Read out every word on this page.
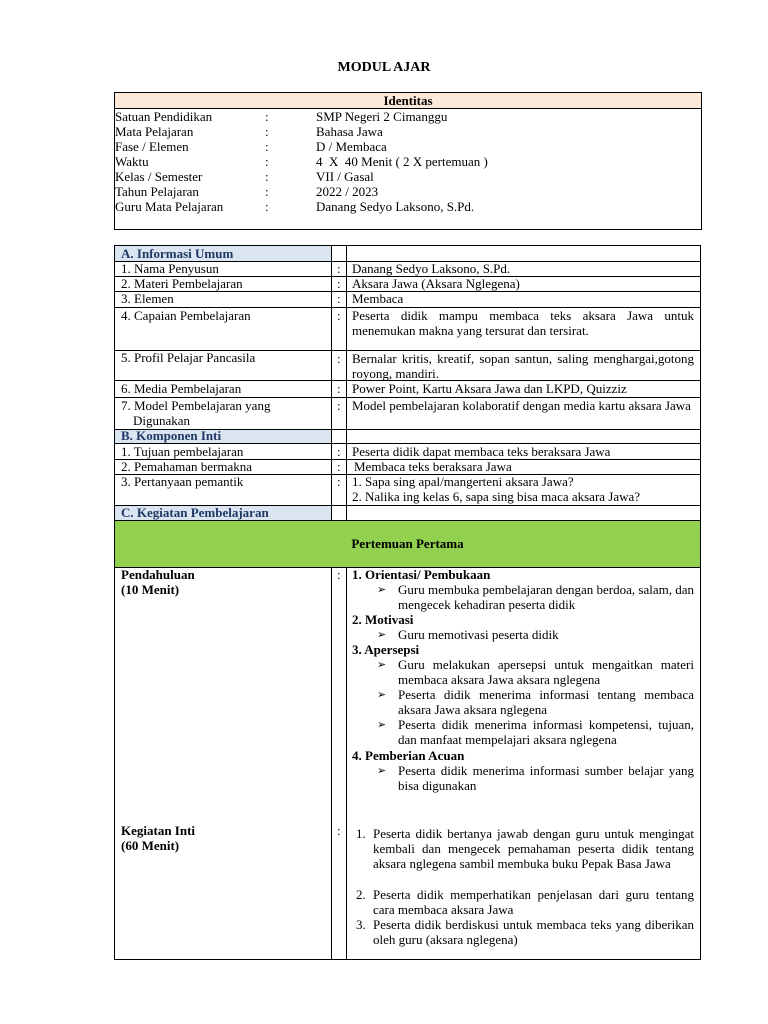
MODUL AJAR
Identitas
Satuan Pendidikan	:	SMP Negeri 2 Cimanggu
Mata Pelajaran	:	Bahasa Jawa
Fase / Elemen	:	D / Membaca
Waktu	:	4  X  40 Menit ( 2 X pertemuan )
Kelas / Semester	:	VII / Gasal
Tahun Pelajaran	:	2022 / 2023
Guru Mata Pelajaran	:	Danang Sedyo Laksono, S.Pd.
A. Informasi Umum
1. Nama Penyusun	: Danang Sedyo Laksono, S.Pd.
2. Materi Pembelajaran	: Aksara Jawa (Aksara Nglegena)
3. Elemen	: Membaca
4. Capaian Pembelajaran	: Peserta didik mampu membaca teks aksara Jawa untuk menemukan makna yang tersurat dan tersirat.
5. Profil Pelajar Pancasila	: Bernalar kritis, kreatif, sopan santun, saling menghargai,gotong royong, mandiri.
6. Media Pembelajaran	: Power Point, Kartu Aksara Jawa dan LKPD, Quizziz
7. Model Pembelajaran yang
Digunakan
: Model pembelajaran kolaboratif dengan media kartu aksara Jawa
B. Komponen Inti
1. Tujuan pembelajaran	: Peserta didik dapat membaca teks beraksara Jawa
2. Pemahaman bermakna	: Membaca teks beraksara Jawa
3. Pertanyaan pemantik	: 1. Sapa sing apal/mangerteni aksara Jawa?
2. Nalika ing kelas 6, sapa sing bisa maca aksara Jawa?
C. Kegiatan Pembelajaran
Pertemuan Pertama
Pendahuluan
(10 Menit)
: 1. Orientasi/ Pembukaan
➢ Guru membuka pembelajaran dengan berdoa, salam, dan mengecek kehadiran peserta didik
2. Motivasi
➢ Guru memotivasi peserta didik
3. Apersepsi
➢ Guru melakukan apersepsi untuk mengaitkan materi membaca aksara Jawa aksara nglegena
➢ Peserta didik menerima informasi tentang membaca aksara Jawa aksara nglegena
➢ Peserta didik menerima informasi kompetensi, tujuan, dan manfaat mempelajari aksara nglegena
4. Pemberian Acuan
➢ Peserta didik menerima informasi sumber belajar yang bisa digunakan
Kegiatan Inti
(60 Menit)
: 1. Peserta didik bertanya jawab dengan guru untuk mengingat kembali dan mengecek pemahaman peserta didik tentang aksara nglegena sambil membuka buku Pepak Basa Jawa
2. Peserta didik memperhatikan penjelasan dari guru tentang cara membaca aksara Jawa
3. Peserta didik berdiskusi untuk membaca teks yang diberikan oleh guru (aksara nglegena)
